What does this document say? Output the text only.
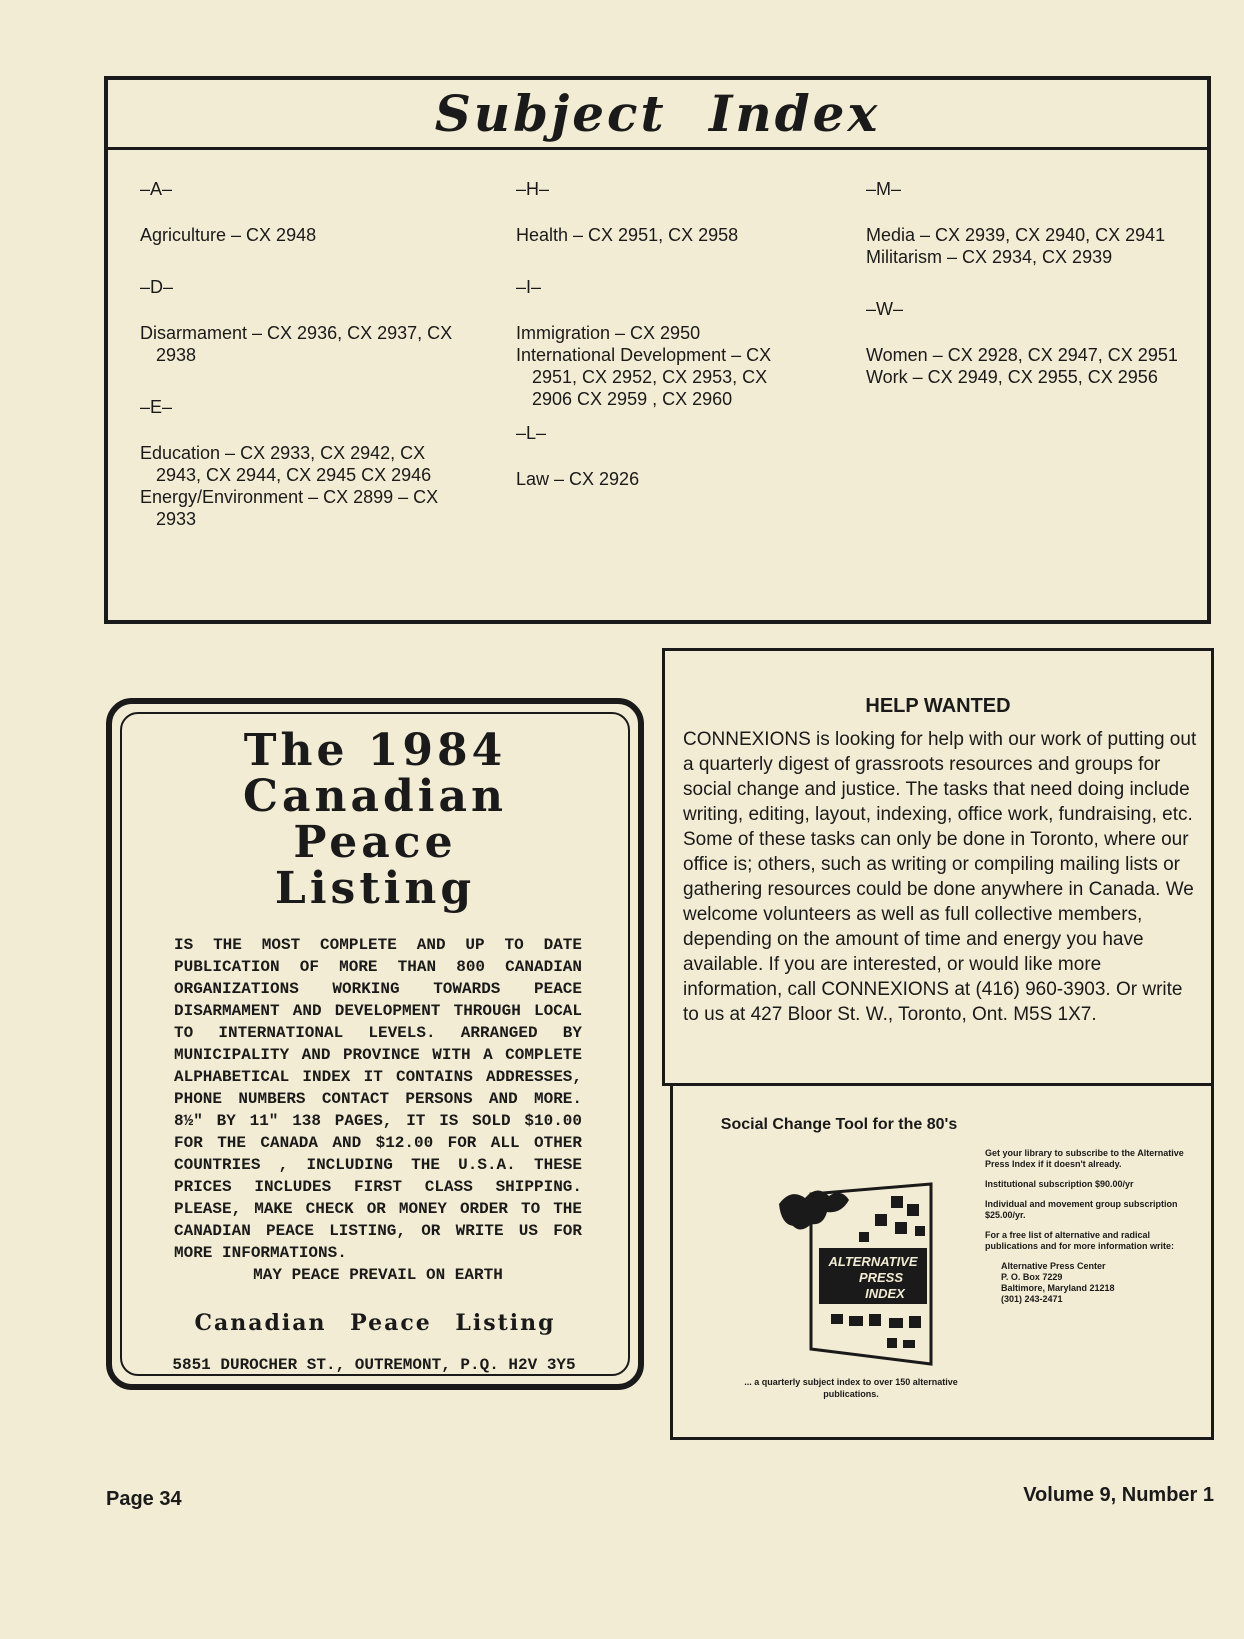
Subject Index

–A–

Agriculture – CX 2948

–D–

Disarmament – CX 2936, CX 2937, CX 2938

–E–

Education – CX 2933, CX 2942, CX 2943, CX 2944, CX 2945 CX 2946

Energy/Environment – CX 2899 – CX 2933

–H–

Health – CX 2951, CX 2958

–I–

Immigration – CX 2950

International Development – CX 2951, CX 2952, CX 2953, CX 2906 CX 2959 , CX 2960

–L–

Law – CX 2926

–M–

Media – CX 2939, CX 2940, CX 2941

Militarism – CX 2934, CX 2939

–W–

Women – CX 2928, CX 2947, CX 2951

Work – CX 2949, CX 2955, CX 2956

The 1984
Canadian
Peace
Listing
IS THE MOST COMPLETE AND UP TO DATE PUBLICATION OF MORE THAN 800 CANADIAN ORGANIZATIONS WORKING TOWARDS PEACE DISARMAMENT AND DEVELOPMENT THROUGH LOCAL TO INTERNATIONAL LEVELS. ARRANGED BY MUNICIPALITY AND PROVINCE WITH A COMPLETE ALPHABETICAL INDEX IT CONTAINS ADDRESSES, PHONE NUMBERS CONTACT PERSONS AND MORE. 8½" BY 11" 138 PAGES, IT IS SOLD $10.00 FOR THE CANADA AND $12.00 FOR ALL OTHER COUNTRIES , INCLUDING THE U.S.A. THESE PRICES INCLUDES FIRST CLASS SHIPPING. PLEASE, MAKE CHECK OR MONEY ORDER TO THE CANADIAN PEACE LISTING, OR WRITE US FOR MORE INFORMATIONS.
MAY PEACE PREVAIL ON EARTH
Canadian Peace Listing
5851 DUROCHER ST., OUTREMONT, P.Q. H2V 3Y5
HELP WANTED
CONNEXIONS is looking for help with our work of putting out a quarterly digest of grassroots resources and groups for social change and justice. The tasks that need doing include writing, editing, layout, indexing, office work, fundraising, etc. Some of these tasks can only be done in Toronto, where our office is; others, such as writing or compiling mailing lists or gathering resources could be done anywhere in Canada. We welcome volunteers as well as full collective members, depending on the amount of time and energy you have available. If you are interested, or would like more information, call CONNEXIONS at (416) 960-3903. Or write to us at 427 Bloor St. W., Toronto, Ont. M5S 1X7.
Social Change Tool for the 80's
ALTERNATIVE
PRESS
INDEX
... a quarterly subject index to over 150 alternative publications.

Get your library to subscribe to the Alternative Press Index if it doesn't already.

Institutional subscription $90.00/yr

Individual and movement group subscription $25.00/yr.

For a free list of alternative and radical publications and for more information write:

Alternative Press Center

P. O. Box 7229

Baltimore, Maryland 21218

(301) 243-2471

Page 34	Volume 9, Number 1
